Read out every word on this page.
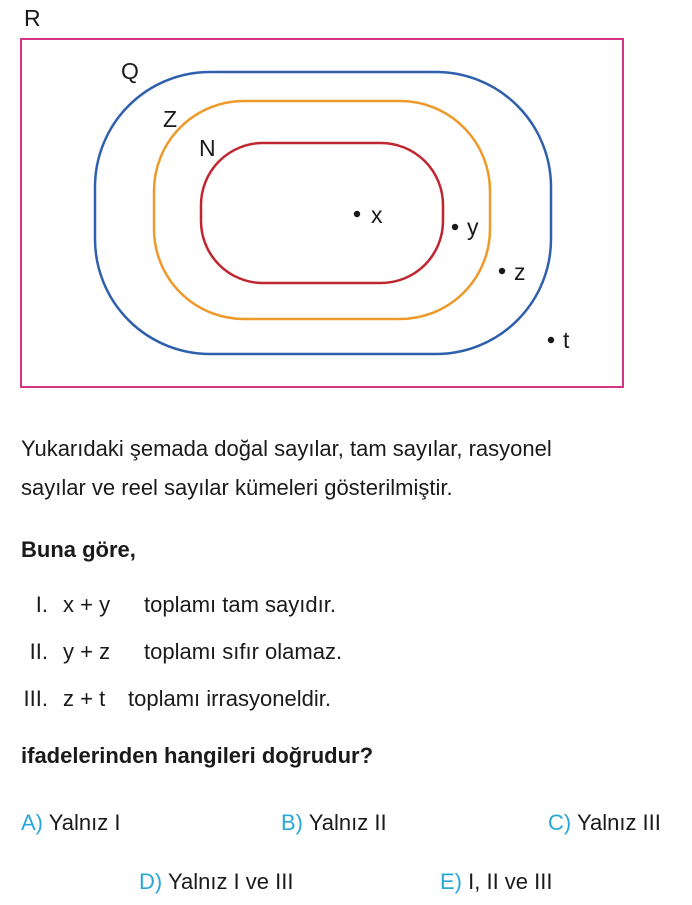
R
Q
Z
N
x	y
z
t
Yukarıdaki şemada doğal sayılar, tam sayılar, rasyonel
sayılar ve reel sayılar kümeleri gösterilmiştir.
Buna göre,
I. x + y toplamı tam sayıdır.
II. y + z toplamı sıfır olamaz.
III. z + t toplamı irrasyoneldir.
ifadelerinden hangileri doğrudur?
A) Yalnız I	B) Yalnız II	C) Yalnız III
D) Yalnız I ve III	E) I, II ve III
